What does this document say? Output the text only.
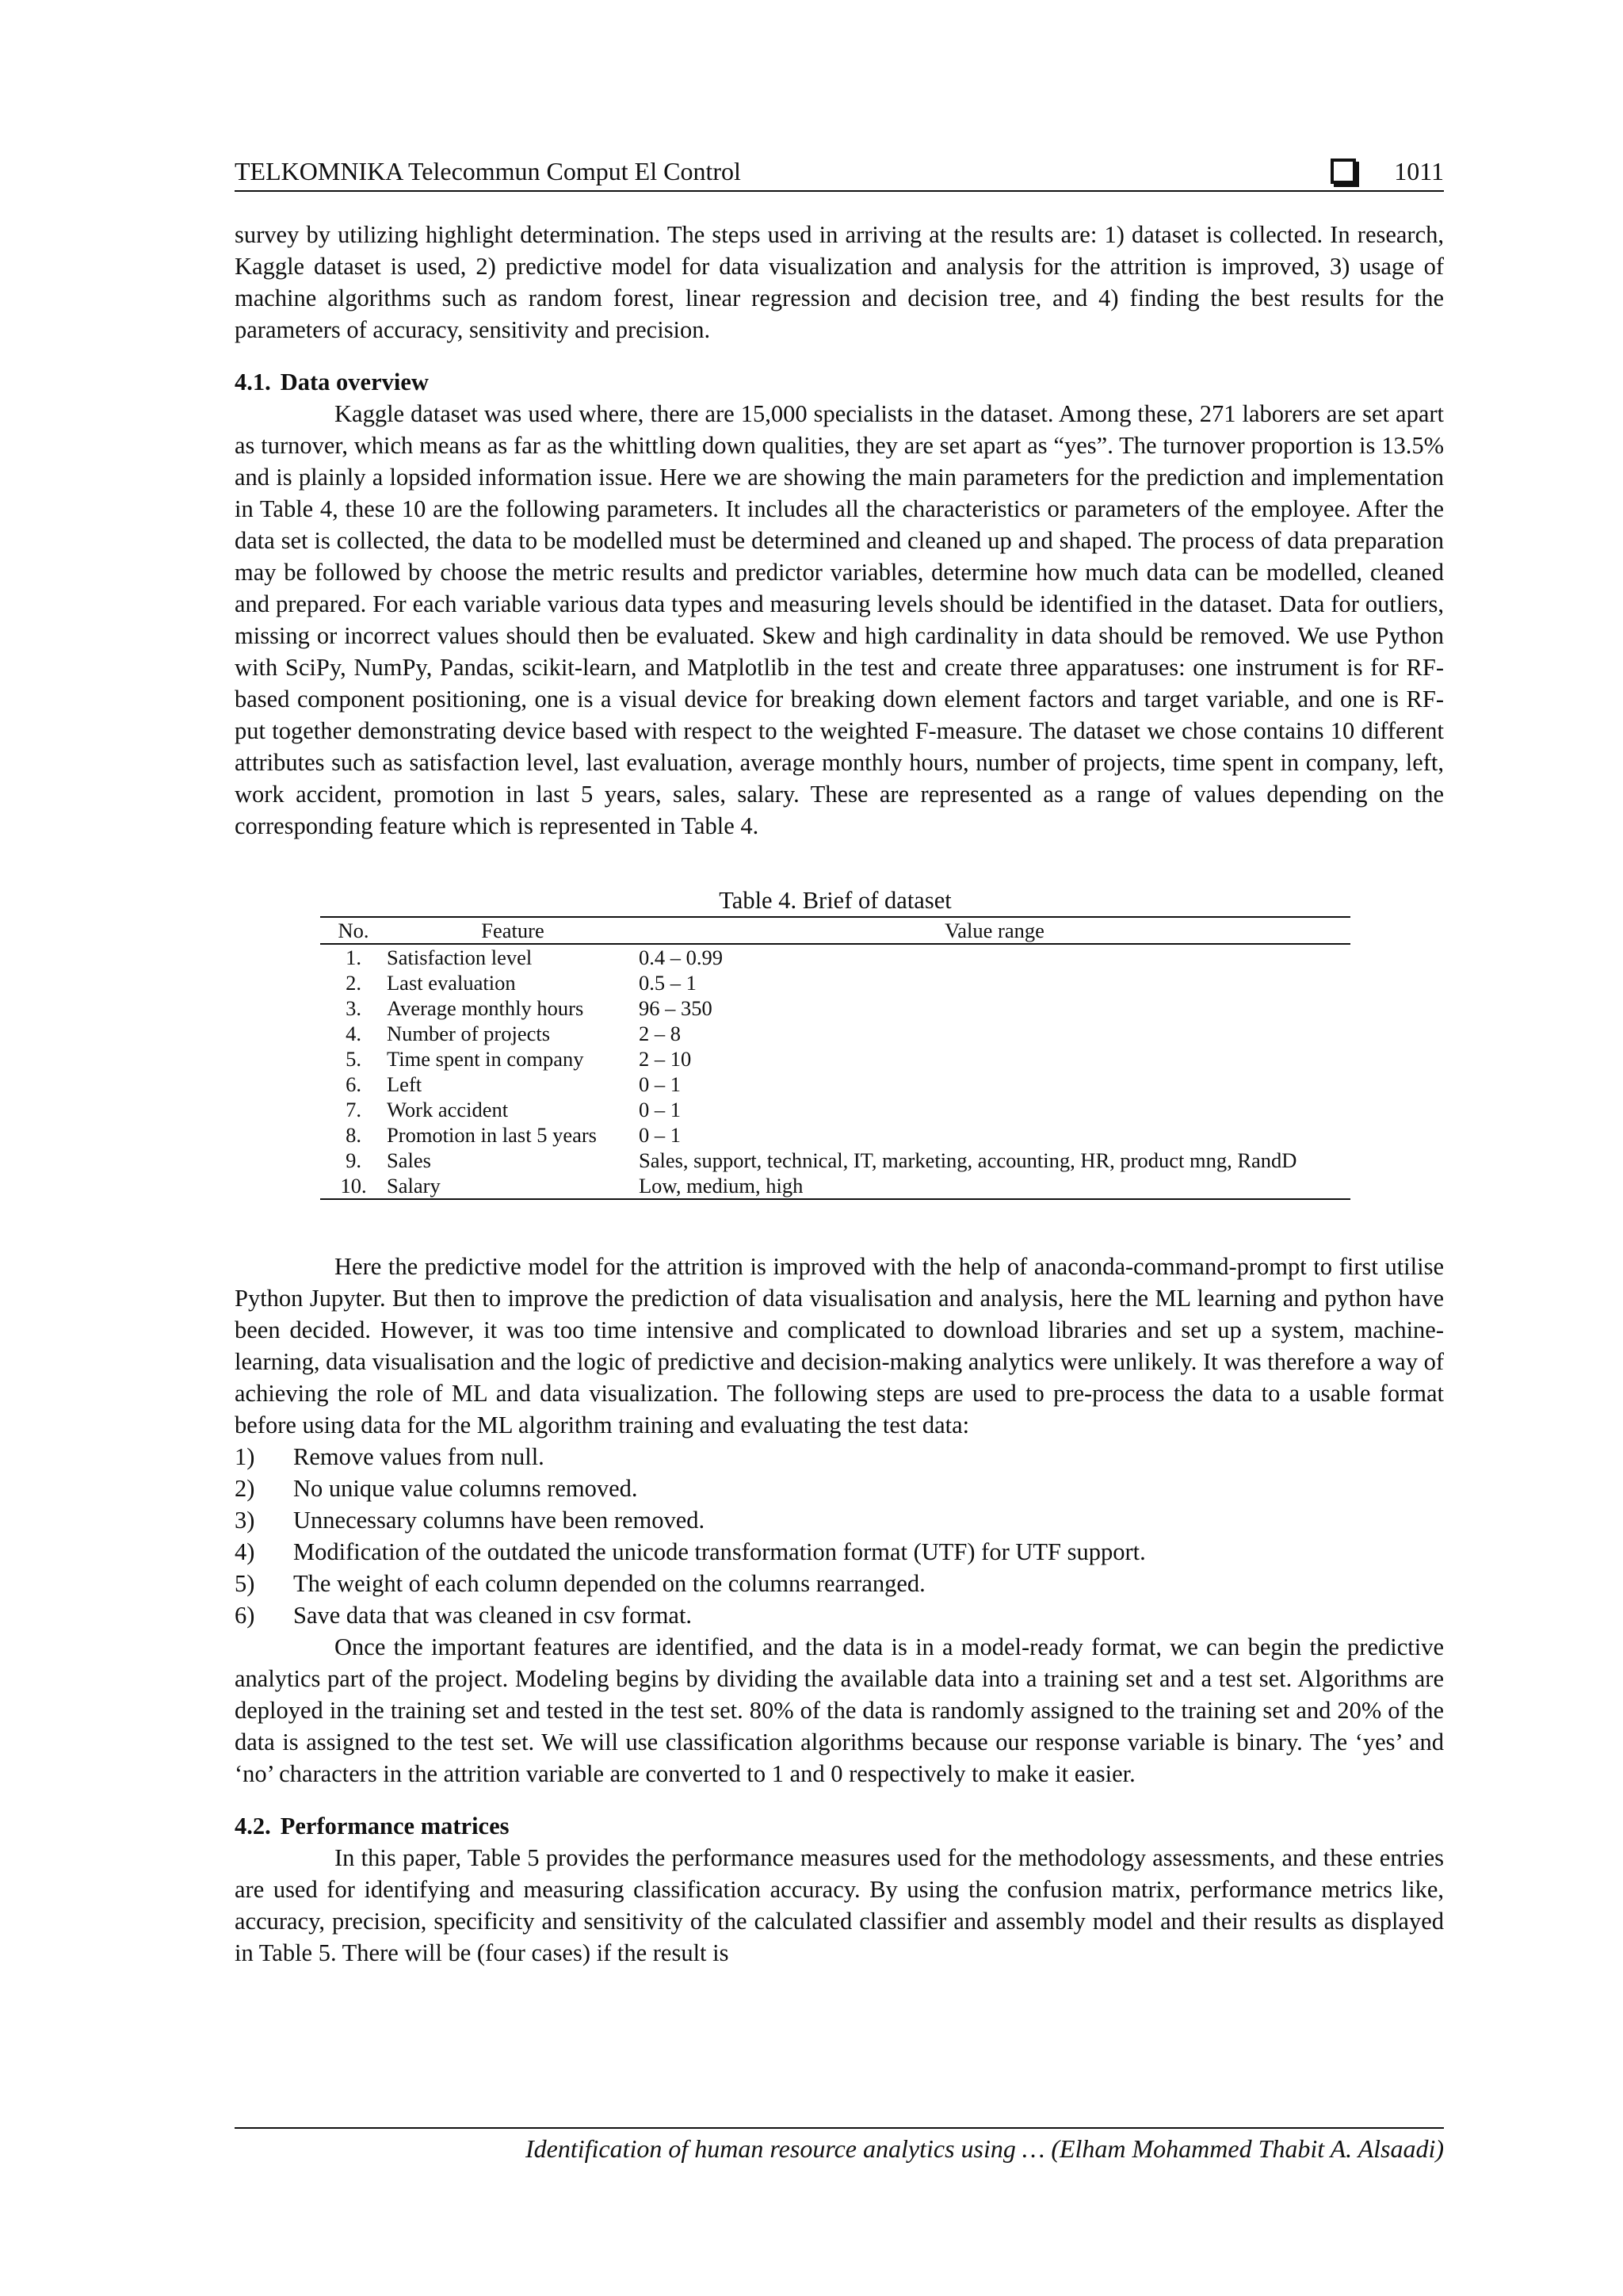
TELKOMNIKA Telecommun Comput El Control	1011

survey by utilizing highlight determination. The steps used in arriving at the results are: 1) dataset is collected. In research, Kaggle dataset is used, 2) predictive model for data visualization and analysis for the attrition is improved, 3) usage of machine algorithms such as random forest, linear regression and decision tree, and 4) finding the best results for the parameters of accuracy, sensitivity and precision.

4.1. Data overview

Kaggle dataset was used where, there are 15,000 specialists in the dataset. Among these, 271 laborers are set apart as turnover, which means as far as the whittling down qualities, they are set apart as “yes”. The turnover proportion is 13.5% and is plainly a lopsided information issue. Here we are showing the main parameters for the prediction and implementation in Table 4, these 10 are the following parameters. It includes all the characteristics or parameters of the employee. After the data set is collected, the data to be modelled must be determined and cleaned up and shaped. The process of data preparation may be followed by choose the metric results and predictor variables, determine how much data can be modelled, cleaned and prepared. For each variable various data types and measuring levels should be identified in the dataset. Data for outliers, missing or incorrect values should then be evaluated. Skew and high cardinality in data should be removed. We use Python with SciPy, NumPy, Pandas, scikit-learn, and Matplotlib in the test and create three apparatuses: one instrument is for RF-based component positioning, one is a visual device for breaking down element factors and target variable, and one is RF-put together demonstrating device based with respect to the weighted F-measure. The dataset we chose contains 10 different attributes such as satisfaction level, last evaluation, average monthly hours, number of projects, time spent in company, left, work accident, promotion in last 5 years, sales, salary. These are represented as a range of values depending on the corresponding feature which is represented in Table 4.

Table 4. Brief of dataset

No.	Feature	Value range
1.	Satisfaction level	0.4 – 0.99
2.	Last evaluation	0.5 – 1
3.	Average monthly hours	96 – 350
4.	Number of projects	2 – 8
5.	Time spent in company	2 – 10
6.	Left	0 – 1
7.	Work accident	0 – 1
8.	Promotion in last 5 years	0 – 1
9.	Sales	Sales, support, technical, IT, marketing, accounting, HR, product mng, RandD
10.	Salary	Low, medium, high

Here the predictive model for the attrition is improved with the help of anaconda-command-prompt to first utilise Python Jupyter. But then to improve the prediction of data visualisation and analysis, here the ML learning and python have been decided. However, it was too time intensive and complicated to download libraries and set up a system, machine-learning, data visualisation and the logic of predictive and decision-making analytics were unlikely. It was therefore a way of achieving the role of ML and data visualization. The following steps are used to pre-process the data to a usable format before using data for the ML algorithm training and evaluating the test data:

1)	Remove values from null.
2)	No unique value columns removed.
3)	Unnecessary columns have been removed.
4)	Modification of the outdated the unicode transformation format (UTF) for UTF support.
5)	The weight of each column depended on the columns rearranged.
6)	Save data that was cleaned in csv format.

Once the important features are identified, and the data is in a model-ready format, we can begin the predictive analytics part of the project. Modeling begins by dividing the available data into a training set and a test set. Algorithms are deployed in the training set and tested in the test set. 80% of the data is randomly assigned to the training set and 20% of the data is assigned to the test set. We will use classification algorithms because our response variable is binary. The ‘yes’ and ‘no’ characters in the attrition variable are converted to 1 and 0 respectively to make it easier.

4.2. Performance matrices

In this paper, Table 5 provides the performance measures used for the methodology assessments, and these entries are used for identifying and measuring classification accuracy. By using the confusion matrix, performance metrics like, accuracy, precision, specificity and sensitivity of the calculated classifier and assembly model and their results as displayed in Table 5. There will be (four cases) if the result is

Identification of human resource analytics using … (Elham Mohammed Thabit A. Alsaadi)
